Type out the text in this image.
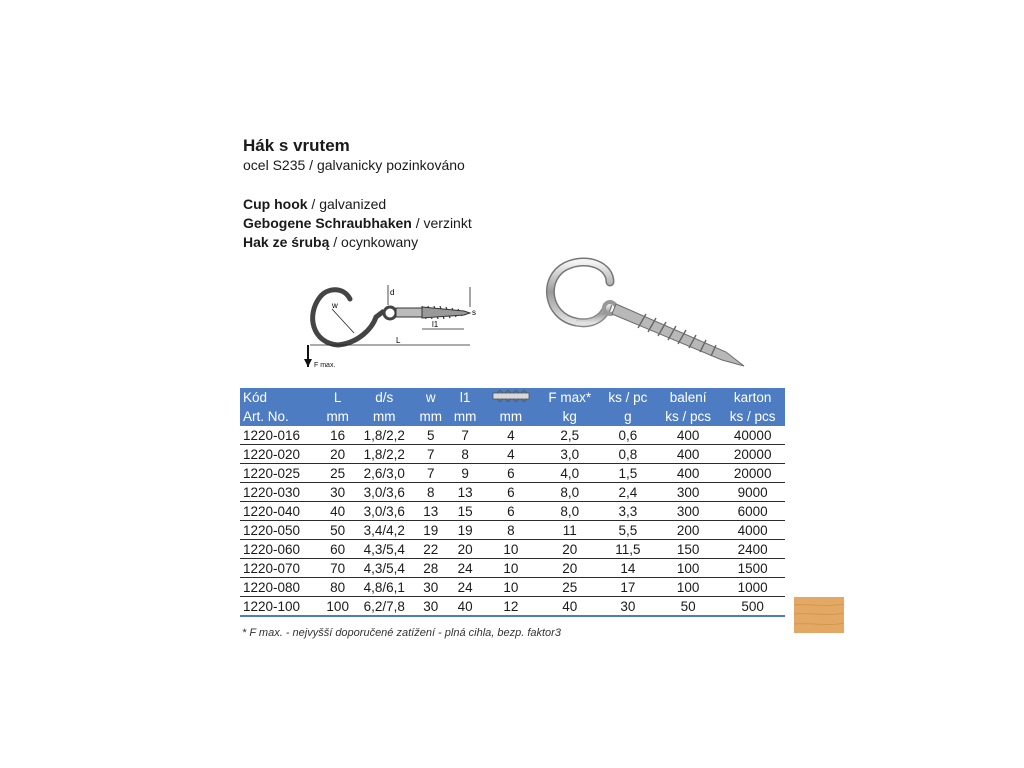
Hák s vrutem
ocel S235 / galvanicky pozinkováno
Cup hook / galvanized
Gebogene Schraubhaken / verzinkt
Hak ze śrubą / ocynkowany
F max.
w
d
s
l1
L
Kód	L	d/s	w	l1		F max*	ks / pc	balení	karton
Art. No.	mm	mm	mm	mm	mm	kg	g	ks / pcs	ks / pcs
1220-016	16	1,8/2,2	5	7	4	2,5	0,6	400	40000
1220-020	20	1,8/2,2	7	8	4	3,0	0,8	400	20000
1220-025	25	2,6/3,0	7	9	6	4,0	1,5	400	20000
1220-030	30	3,0/3,6	8	13	6	8,0	2,4	300	9000
1220-040	40	3,0/3,6	13	15	6	8,0	3,3	300	6000
1220-050	50	3,4/4,2	19	19	8	11	5,5	200	4000
1220-060	60	4,3/5,4	22	20	10	20	11,5	150	2400
1220-070	70	4,3/5,4	28	24	10	20	14	100	1500
1220-080	80	4,8/6,1	30	24	10	25	17	100	1000
1220-100	100	6,2/7,8	30	40	12	40	30	50	500
* F max. - nejvyšší doporučené zatížení - plná cihla, bezp. faktor3
